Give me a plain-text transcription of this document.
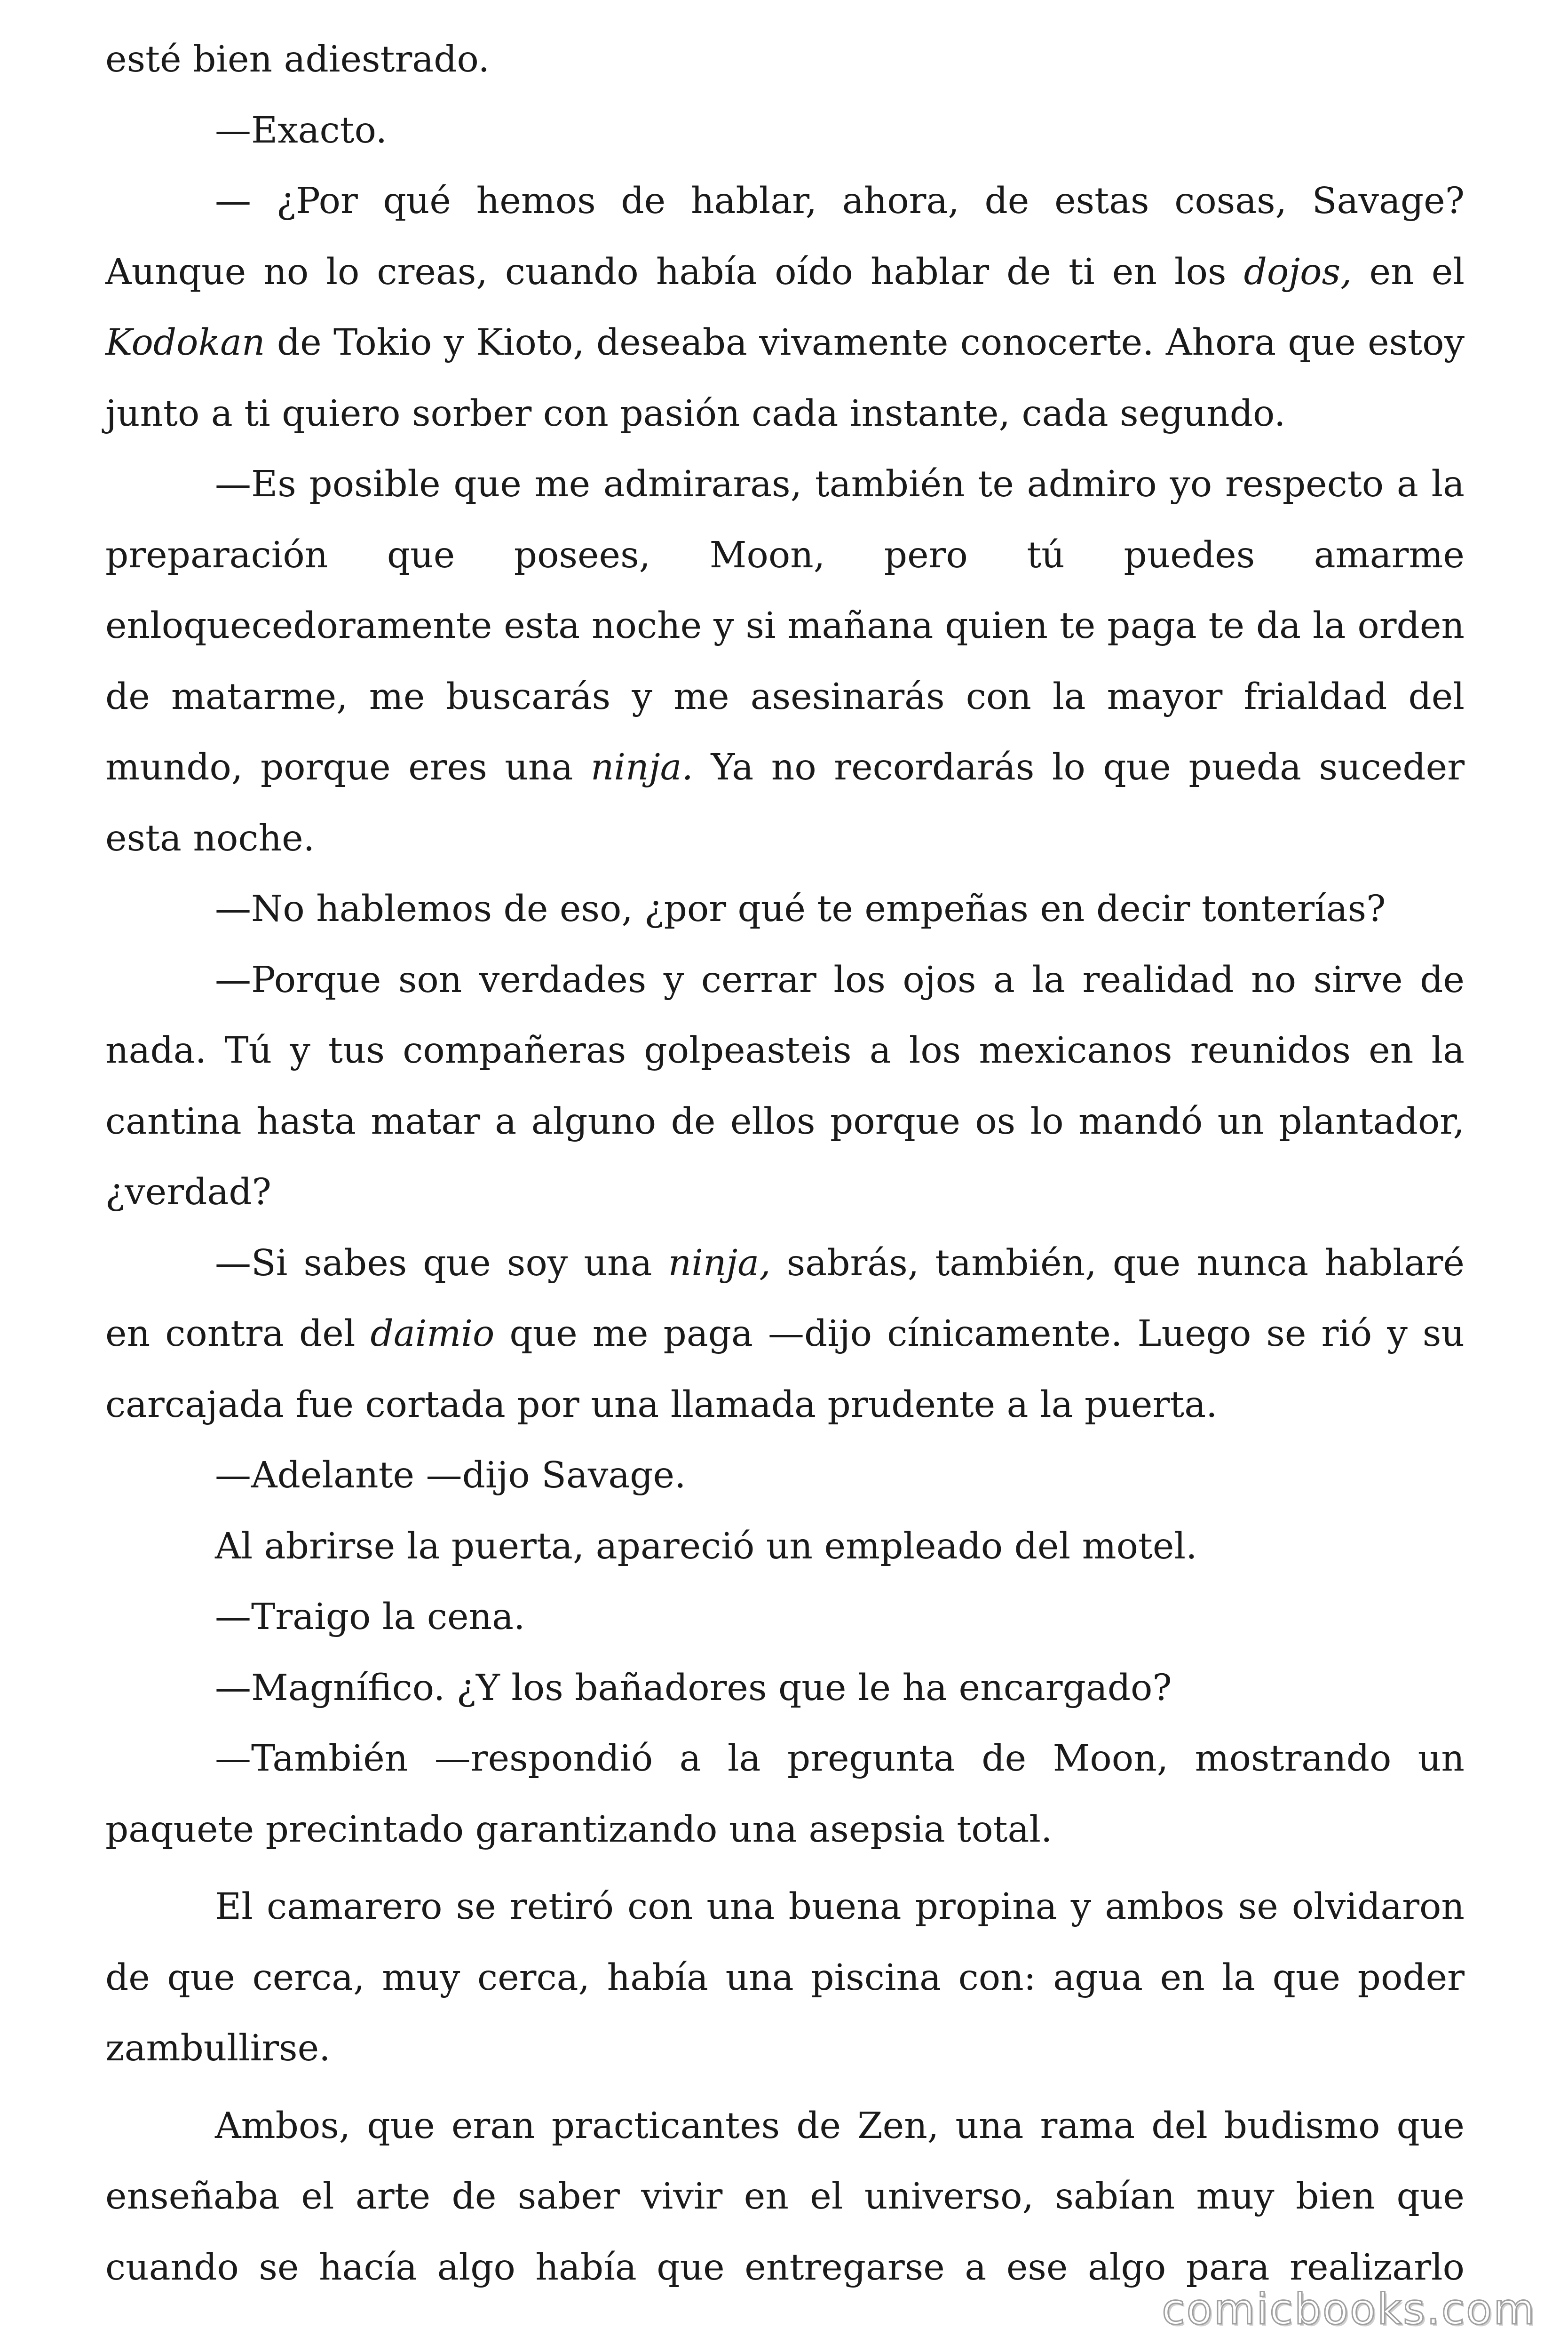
esté bien adiestrado.

—Exacto.

— ¿Por qué hemos de hablar, ahora, de estas cosas, Savage? Aunque no lo creas, cuando había oído hablar de ti en los dojos, en el Kodokan de Tokio y Kioto, deseaba vivamente conocerte. Ahora que estoy junto a ti quiero sorber con pasión cada instante, cada segundo.

—Es posible que me admiraras, también te admiro yo respecto a la preparación que posees, Moon, pero tú puedes amarme enloquecedoramente esta noche y si mañana quien te paga te da la orden de matarme, me buscarás y me asesinarás con la mayor frialdad del mundo, porque eres una ninja. Ya no recordarás lo que pueda suceder esta noche.

—No hablemos de eso, ¿por qué te empeñas en decir tonterías?

—Porque son verdades y cerrar los ojos a la realidad no sirve de nada. Tú y tus compañeras golpeasteis a los mexicanos reunidos en la cantina hasta matar a alguno de ellos porque os lo mandó un plantador, ¿verdad?

—Si sabes que soy una ninja, sabrás, también, que nunca hablaré en contra del daimio que me paga —dijo cínicamente. Luego se rió y su carcajada fue cortada por una llamada prudente a la puerta.

—Adelante —dijo Savage.

Al abrirse la puerta, apareció un empleado del motel.

—Traigo la cena.

—Magnífico. ¿Y los bañadores que le ha encargado?

—También —respondió a la pregunta de Moon, mostrando un paquete precintado garantizando una asepsia total.

El camarero se retiró con una buena propina y ambos se olvidaron de que cerca, muy cerca, había una piscina con: agua en la que poder zambullirse.

Ambos, que eran practicantes de Zen, una rama del budismo que enseñaba el arte de saber vivir en el universo, sabían muy bien que cuando se hacía algo había que entregarse a ese algo para realizarlo

comicbooks.com
